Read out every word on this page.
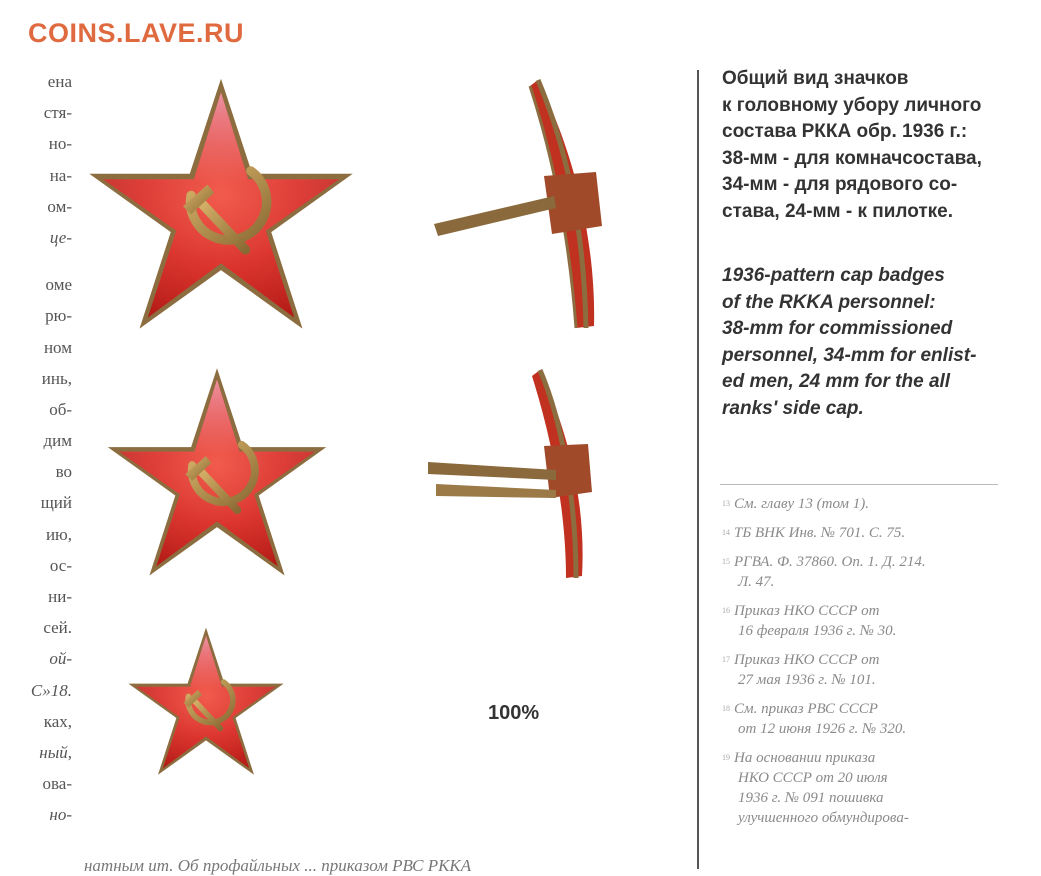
COINS.LAVE.RU
ена
стя-
но-
на-
ом-
це-
оме
рю-
ном
инь,
об-
дим
во
щий
ию,
ос-
ни-
сей.
ой-
С»18.
ках,
ный,
ова-
но-
100%
Общий вид значков
к головному убору личного
состава РККА обр. 1936 г.:
38-мм - для комначсостава,
34-мм - для рядового со-
става, 24-мм - к пилотке.
1936-pattern cap badges
of the RKKA personnel:
38-mm for commissioned
personnel, 34-mm for enlist-
ed men, 24 mm for the all
ranks' side cap.
$^{13}$ См. главу 13 (том 1).
$^{14}$ ТБ ВНК Инв. № 701. С. 75.
$^{15}$ РГВА. Ф. 37860. Оп. 1. Д. 214.
Л. 47.
$^{16}$ Приказ НКО СССР от
16 февраля 1936 г. № 30.
$^{17}$ Приказ НКО СССР от
27 мая 1936 г. № 101.
$^{18}$ См. приказ РВС СССР
от 12 июня 1926 г. № 320.
$^{19}$ На основании приказа
НКО СССР от 20 июля
1936 г. № 091 пошивка
улучшенного обмундирова-
натным ит. Об профайльных ... приказом РВС РККА
